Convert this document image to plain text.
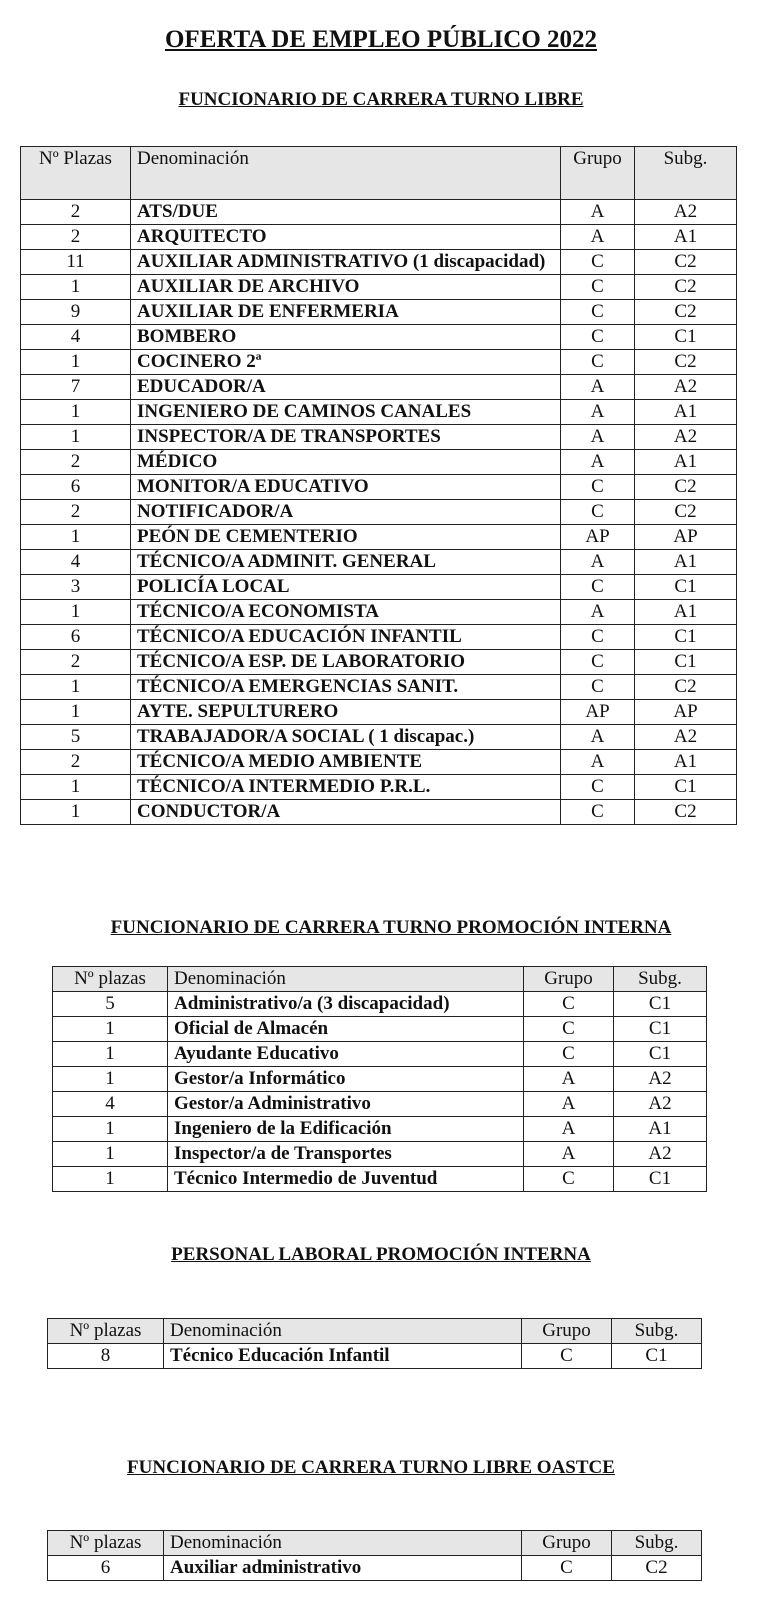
OFERTA DE EMPLEO PÚBLICO 2022
FUNCIONARIO DE CARRERA TURNO LIBRE
Nº Plazas	Denominación	Grupo	Subg.
2	ATS/DUE	A	A2
2	ARQUITECTO	A	A1
11	AUXILIAR ADMINISTRATIVO (1 discapacidad)	C	C2
1	AUXILIAR DE ARCHIVO	C	C2
9	AUXILIAR DE ENFERMERIA	C	C2
4	BOMBERO	C	C1
1	COCINERO 2ª	C	C2
7	EDUCADOR/A	A	A2
1	INGENIERO DE CAMINOS CANALES	A	A1
1	INSPECTOR/A DE TRANSPORTES	A	A2
2	MÉDICO	A	A1
6	MONITOR/A EDUCATIVO	C	C2
2	NOTIFICADOR/A	C	C2
1	PEÓN DE CEMENTERIO	AP	AP
4	TÉCNICO/A ADMINIT. GENERAL	A	A1
3	POLICÍA LOCAL	C	C1
1	TÉCNICO/A ECONOMISTA	A	A1
6	TÉCNICO/A EDUCACIÓN INFANTIL	C	C1
2	TÉCNICO/A ESP. DE LABORATORIO	C	C1
1	TÉCNICO/A EMERGENCIAS SANIT.	C	C2
1	AYTE. SEPULTURERO	AP	AP
5	TRABAJADOR/A SOCIAL ( 1 discapac.)	A	A2
2	TÉCNICO/A MEDIO AMBIENTE	A	A1
1	TÉCNICO/A INTERMEDIO P.R.L.	C	C1
1	CONDUCTOR/A	C	C2
FUNCIONARIO DE CARRERA TURNO PROMOCIÓN INTERNA
Nº plazas	Denominación	Grupo	Subg.
5	Administrativo/a (3 discapacidad)	C	C1
1	Oficial de Almacén	C	C1
1	Ayudante Educativo	C	C1
1	Gestor/a Informático	A	A2
4	Gestor/a Administrativo	A	A2
1	Ingeniero de la Edificación	A	A1
1	Inspector/a de Transportes	A	A2
1	Técnico Intermedio de Juventud	C	C1
PERSONAL LABORAL PROMOCIÓN INTERNA
Nº plazas	Denominación	Grupo	Subg.
8	Técnico Educación Infantil	C	C1
FUNCIONARIO DE CARRERA TURNO LIBRE OASTCE
Nº plazas	Denominación	Grupo	Subg.
6	Auxiliar administrativo	C	C2
